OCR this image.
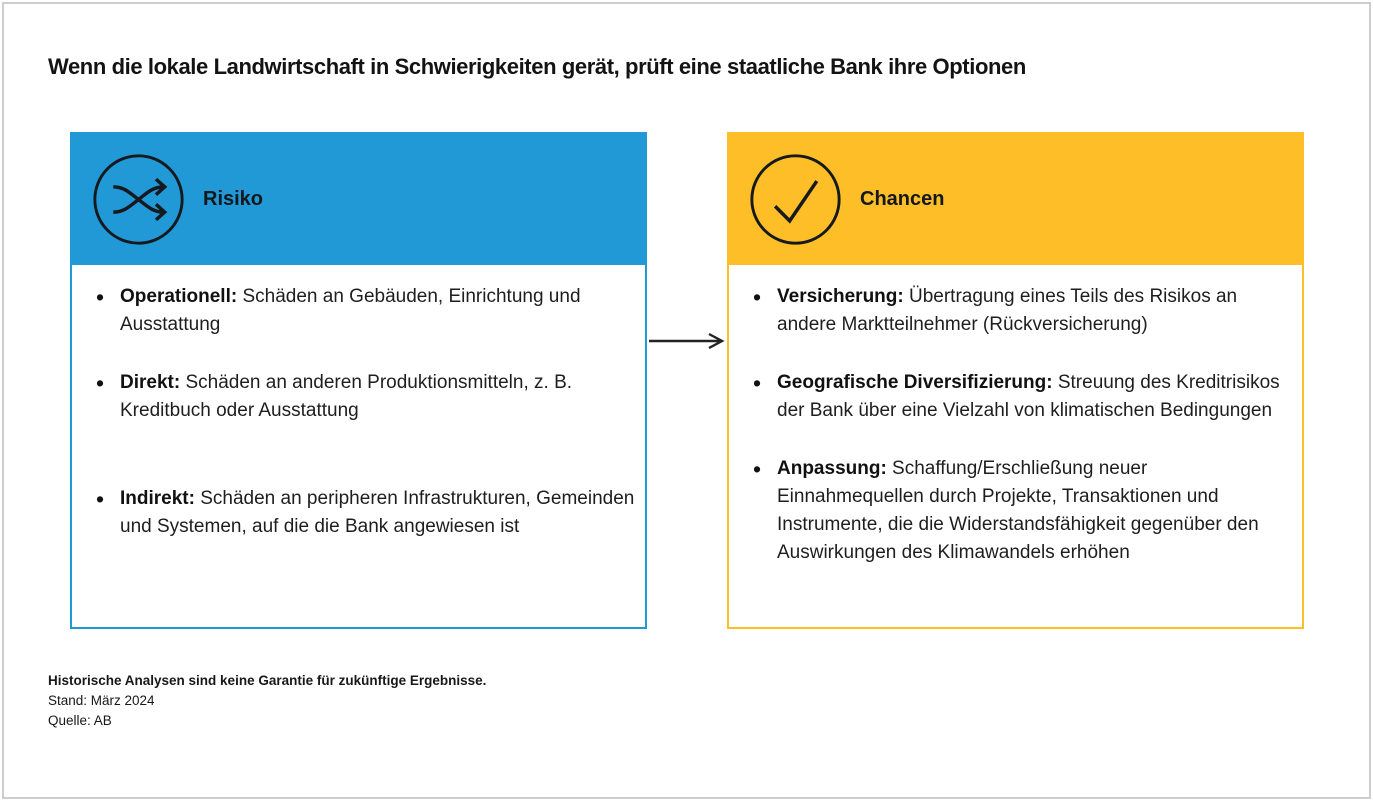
Wenn die lokale Landwirtschaft in Schwierigkeiten gerät, prüft eine staatliche Bank ihre Optionen
Risiko
• Operationell: Schäden an Gebäuden, Einrichtung und Ausstattung
• Direkt: Schäden an anderen Produktionsmitteln, z. B. Kreditbuch oder Ausstattung
• Indirekt: Schäden an peripheren Infrastrukturen, Gemeinden und Systemen, auf die die Bank angewiesen ist
Chancen
• Versicherung: Übertragung eines Teils des Risikos an andere Marktteilnehmer (Rückversicherung)
• Geografische Diversifizierung: Streuung des Kreditrisikos der Bank über eine Vielzahl von klimatischen Bedingungen
• Anpassung: Schaffung/Erschließung neuer Einnahmequellen durch Projekte, Transaktionen und Instrumente, die die Widerstandsfähigkeit gegenüber den Auswirkungen des Klimawandels erhöhen
Historische Analysen sind keine Garantie für zukünftige Ergebnisse.
Stand: März 2024
Quelle: AB
